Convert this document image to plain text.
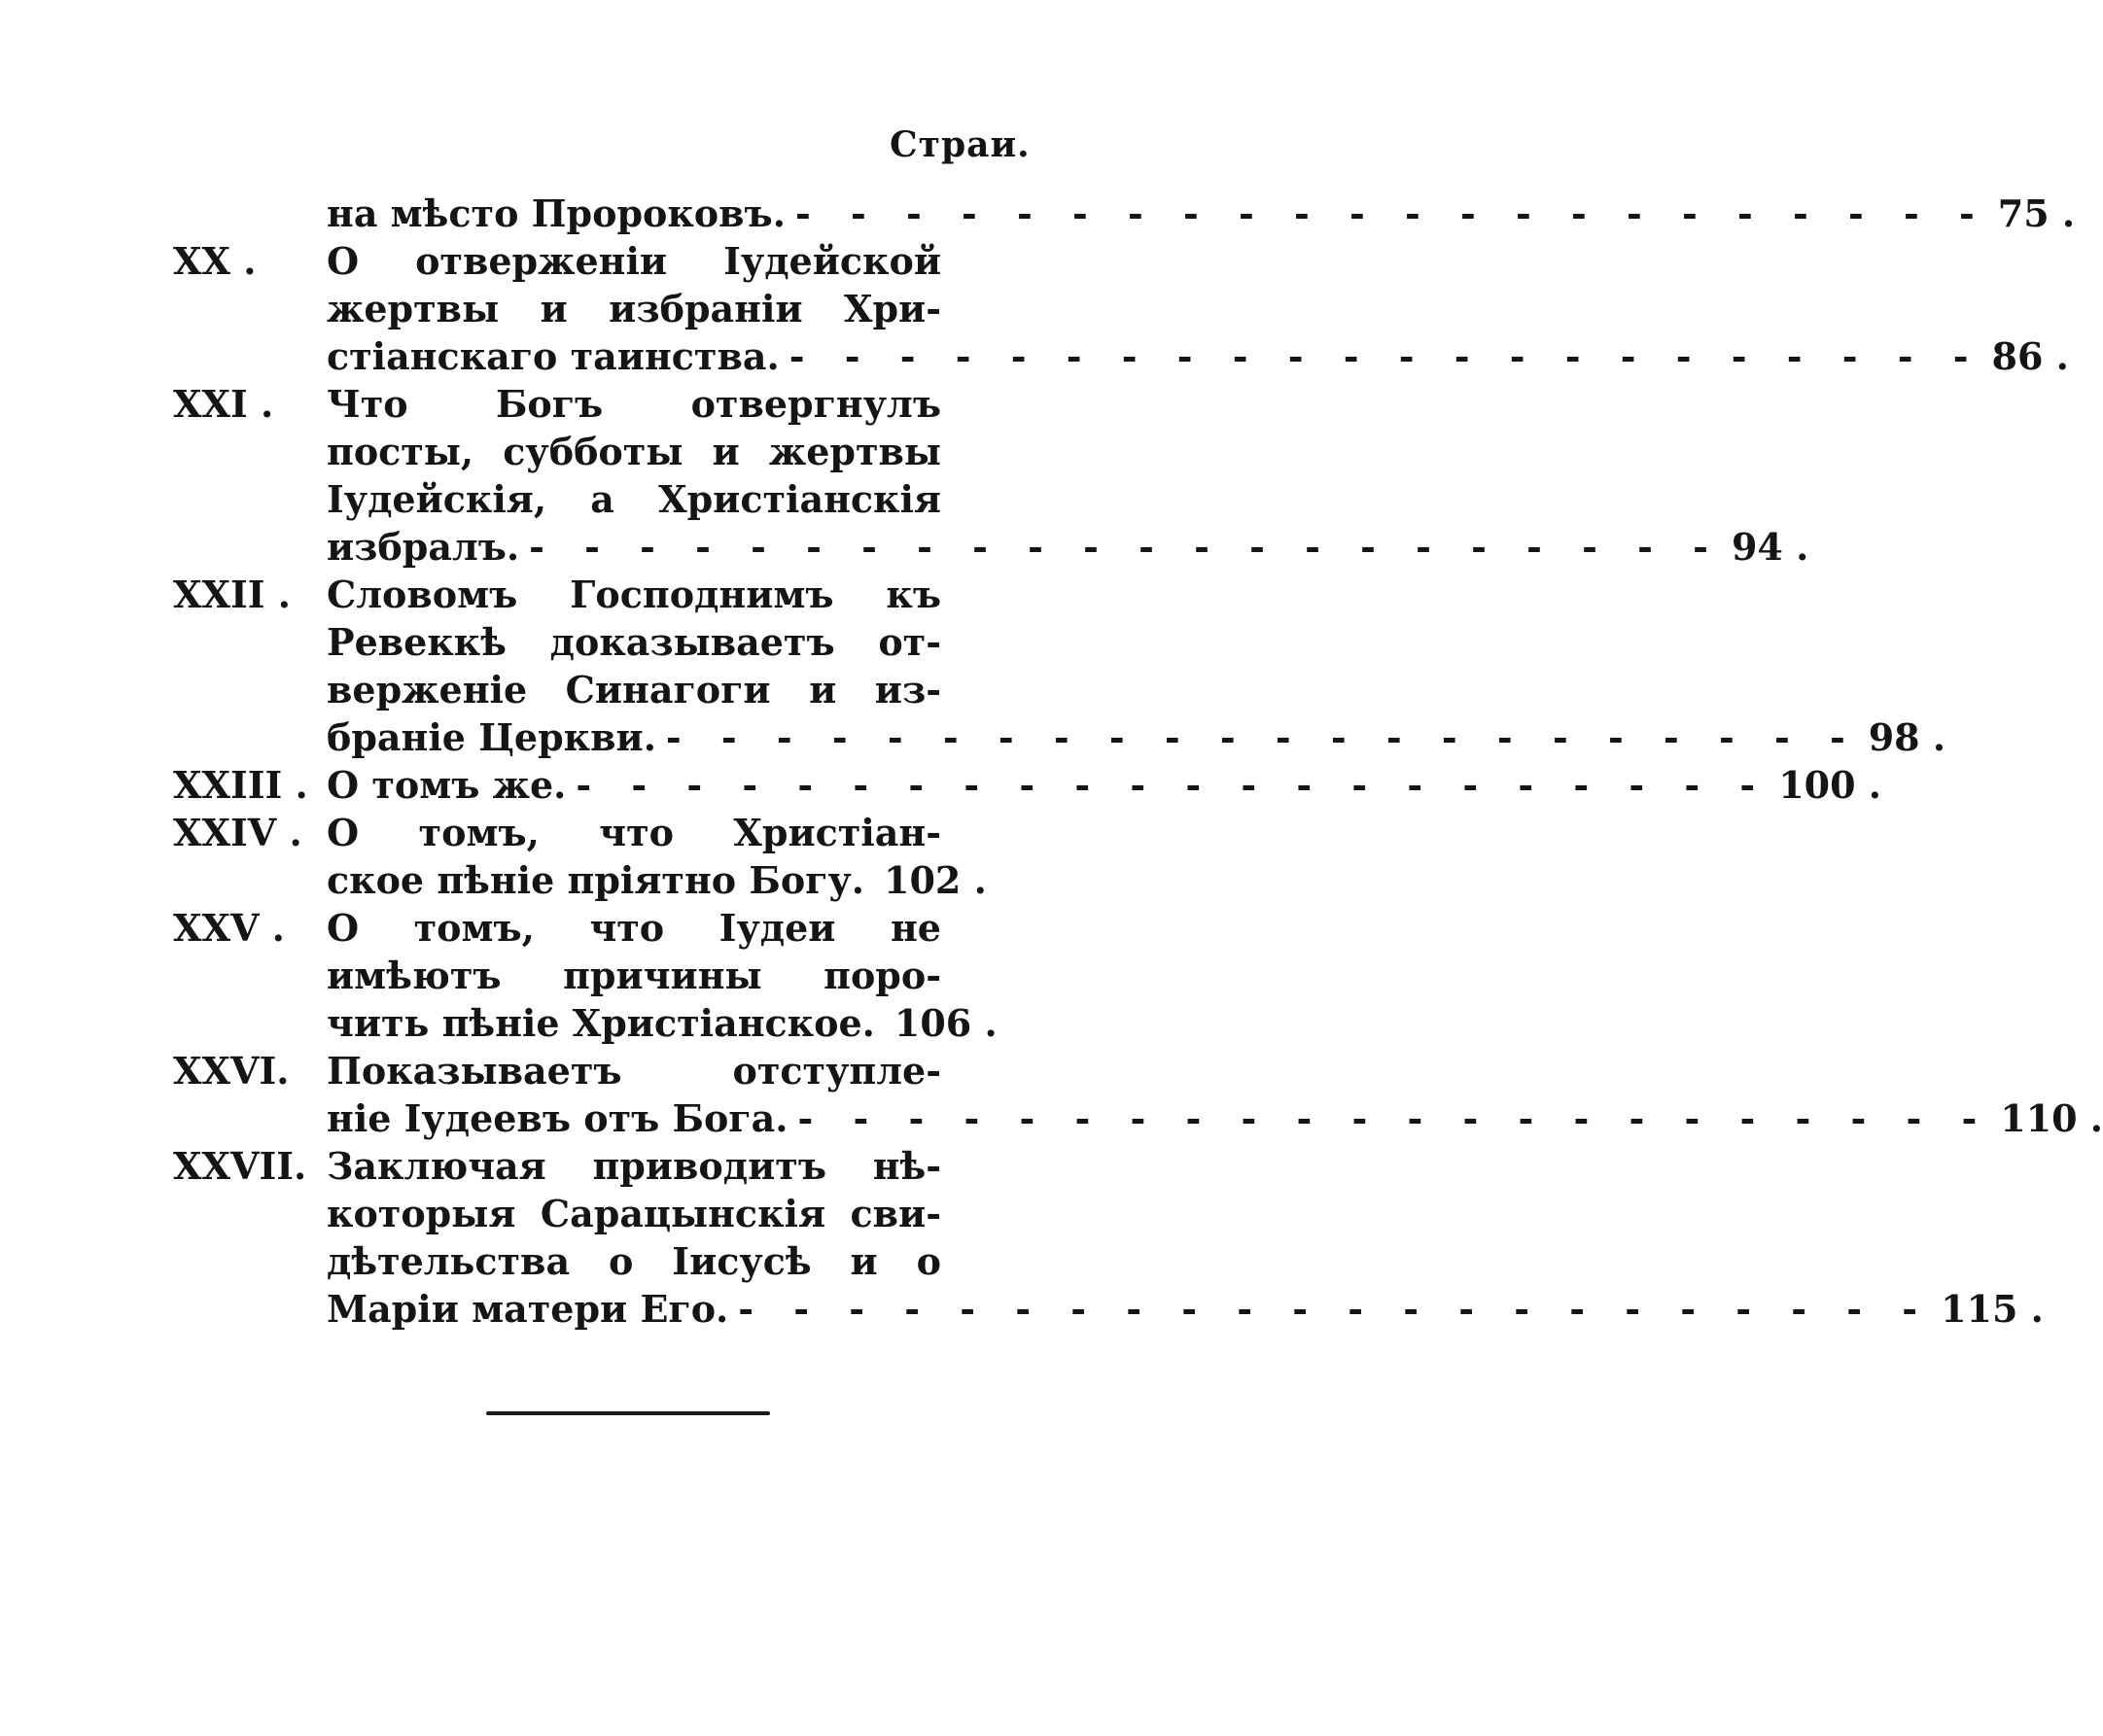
Страи.
на мѣсто Пророковъ. - - - - - - - - - - - - - - - - - - - - - - 75 .
XX . О отверженіи Іудейской
жертвы и избраніи Хри-
стіанскаго таинства. - - - - - - - - - - - - - - - - - - - - - - 86 .
XXI . Что Богъ отвергнулъ
посты, субботы и жертвы
Іудейскія, а Христіанскія
избралъ. - - - - - - - - - - - - - - - - - - - - - - 94 .
XXII . Словомъ Господнимъ къ
Ревеккѣ доказываетъ от-
верженіе Синагоги и из-
браніе Церкви. - - - - - - - - - - - - - - - - - - - - - - 98 .
XXIII . О томъ же. - - - - - - - - - - - - - - - - - - - - - - 100 .
XXIV . О томъ, что Христіан-
ское пѣніе пріятно Богу. 102 .
XXV . О томъ, что Іудеи не
имѣютъ причины поро-
чить пѣніе Христіанское. 106 .
XXVI. Показываетъ отступле-
ніе Іудеевъ отъ Бога. - - - - - - - - - - - - - - - - - - - - - - 110 .
XXVII. Заключая приводитъ нѣ-
которыя Сарацынскія сви-
дѣтельства о Іисусѣ и о
Маріи матери Его. - - - - - - - - - - - - - - - - - - - - - - 115 .
